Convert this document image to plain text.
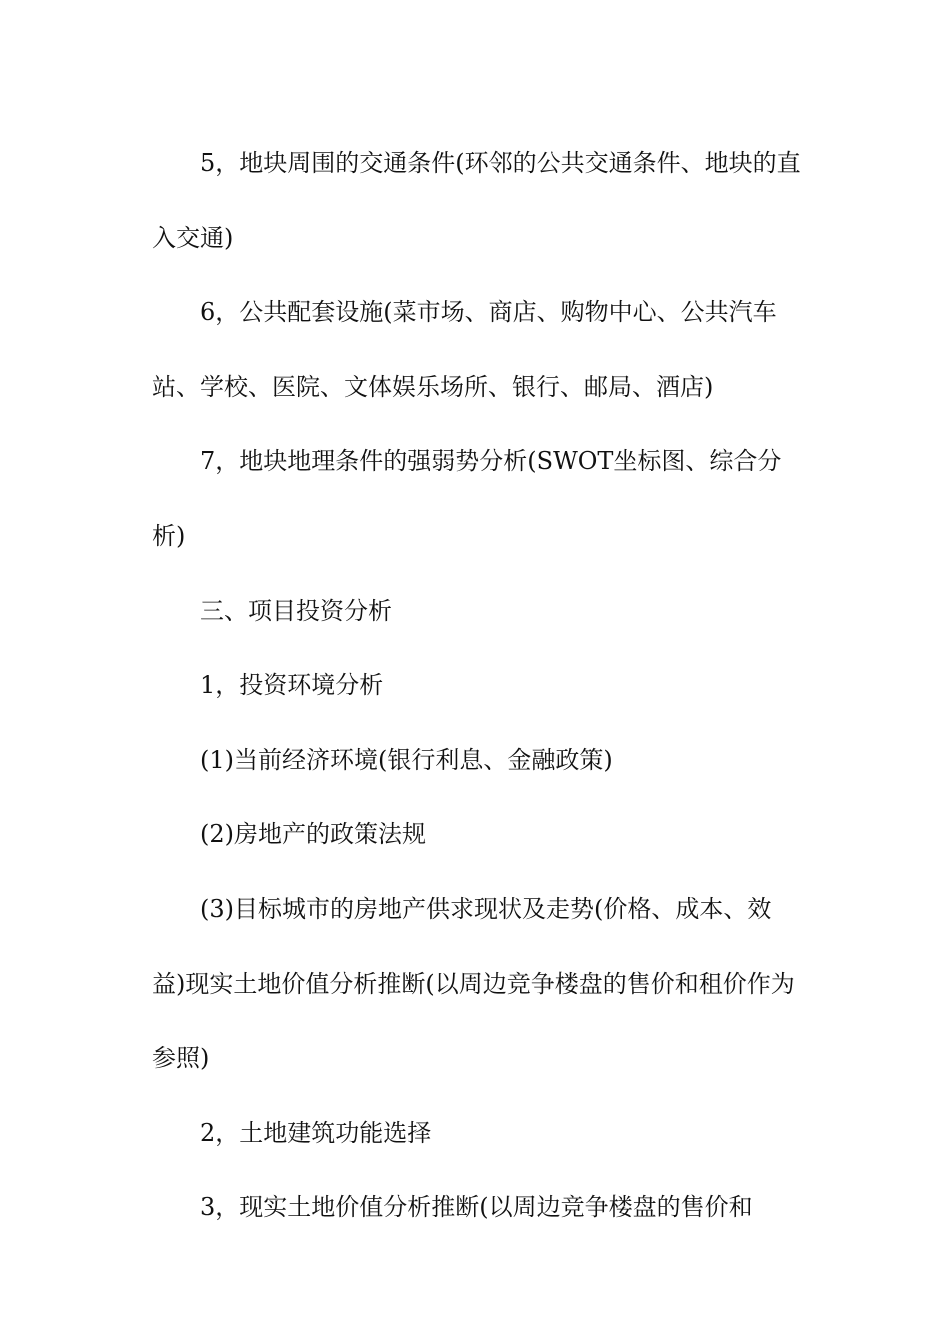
5，地块周围的交通条件(环邻的公共交通条件、地块的直入交通)

6，公共配套设施(菜市场、商店、购物中心、公共汽车站、学校、医院、文体娱乐场所、银行、邮局、酒店)

7，地块地理条件的强弱势分析(SWOT坐标图、综合分析)

三、项目投资分析

1，投资环境分析

(1)当前经济环境(银行利息、金融政策)

(2)房地产的政策法规

(3)目标城市的房地产供求现状及走势(价格、成本、效益)现实土地价值分析推断(以周边竞争楼盘的售价和租价作为参照)

2，土地建筑功能选择

3，现实土地价值分析推断(以周边竞争楼盘的售价和
